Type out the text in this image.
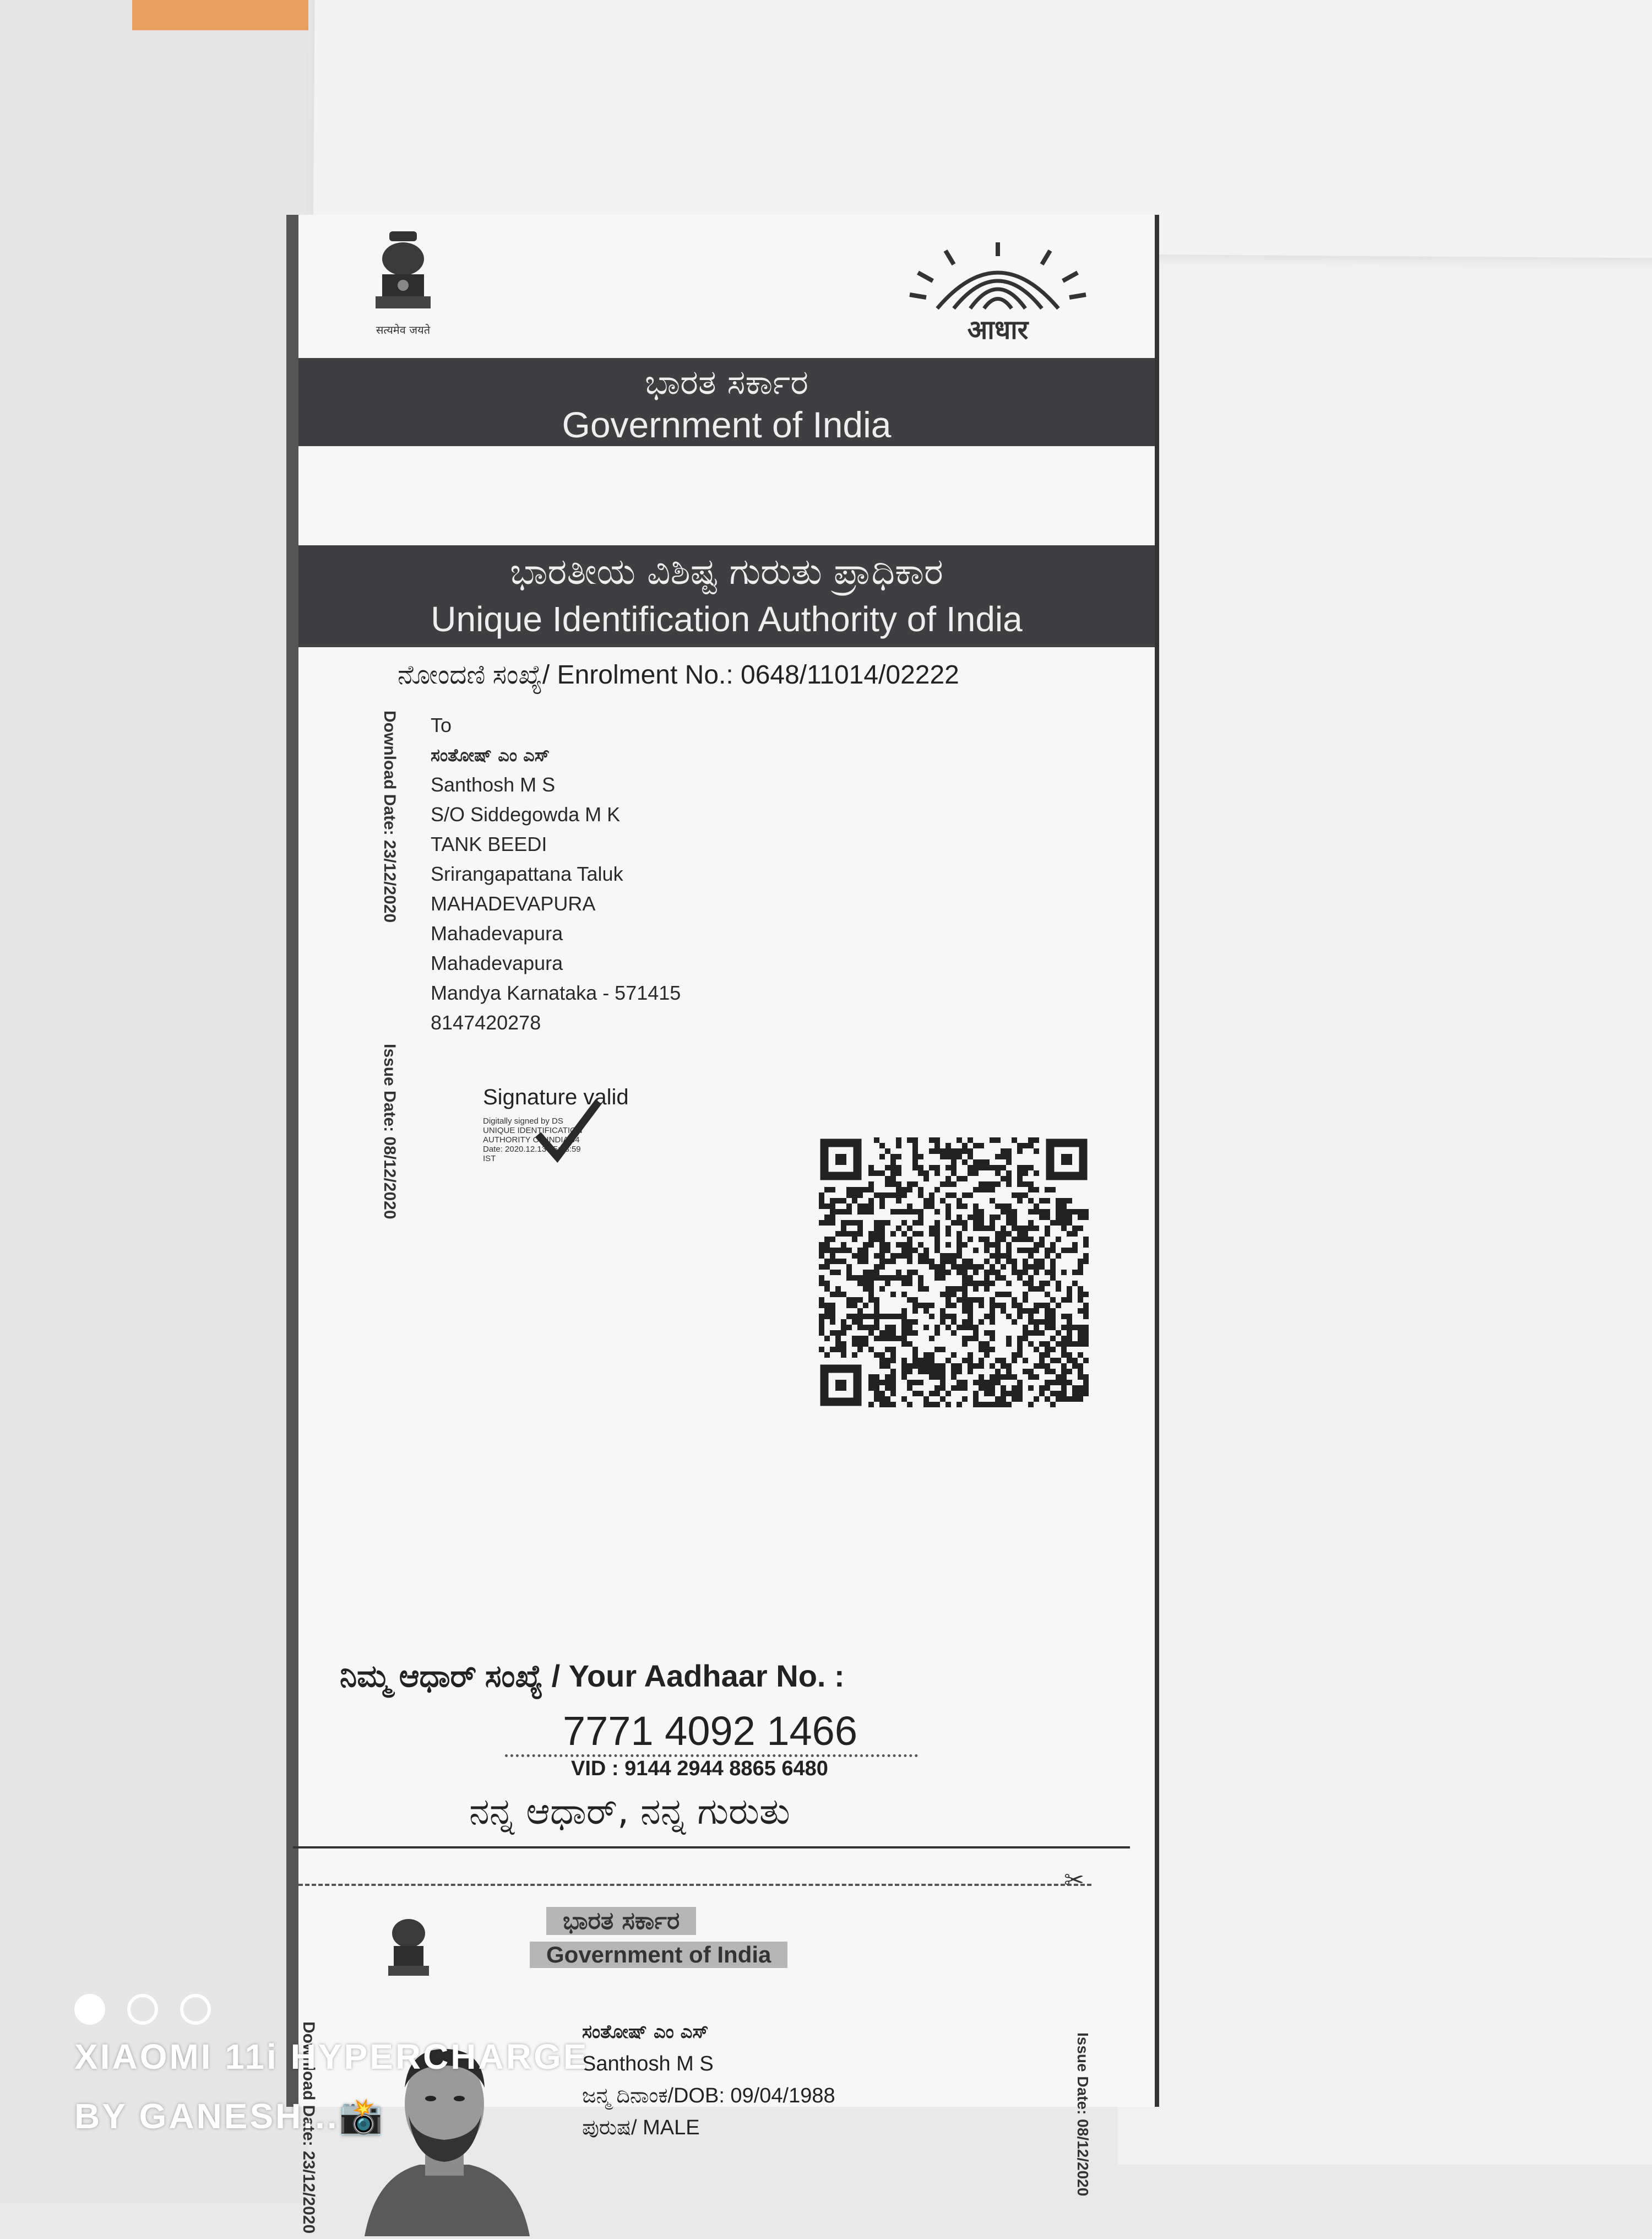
सत्यमेव जयते	आधार
ಭಾರತ ಸರ್ಕಾರ
Government of India
ಭಾರತೀಯ ವಿಶಿಷ್ಟ ಗುರುತು ಪ್ರಾಧಿಕಾರ
Unique Identification Authority of India
ನೋಂದಣಿ ಸಂಖ್ಯೆ/ Enrolment No.: 0648/11014/02222
Download Date: 23/12/2020
Issue Date: 08/12/2020
To
ಸಂತೋಷ್ ಎಂ ಎಸ್
Santhosh M S
S/O Siddegowda M K
TANK BEEDI
Srirangapattana Taluk
MAHADEVAPURA
Mahadevapura
Mahadevapura
Mandya Karnataka - 571415
8147420278
Signature valid
Digitally signed by DS
UNIQUE IDENTIFICATION
AUTHORITY OF INDIA 04
Date: 2020.12.13 15:38:59
IST
ನಿಮ್ಮ ಆಧಾರ್ ಸಂಖ್ಯೆ / Your Aadhaar No. :
7771 4092 1466
VID : 9144 2944 8865 6480
ನನ್ನ ಆಧಾರ್, ನನ್ನ ಗುರುತು
✂
ಭಾರತ ಸರ್ಕಾರ
Government of India
ಸಂತೋಷ್ ಎಂ ಎಸ್
Santhosh M S
ಜನ್ಮ ದಿನಾಂಕ/DOB: 09/04/1988
ಪುರುಷ/ MALE
Download Date: 23/12/2020	Issue Date: 08/12/2020
XIAOMI 11i HYPERCHARGE
BY GANESH...📸
